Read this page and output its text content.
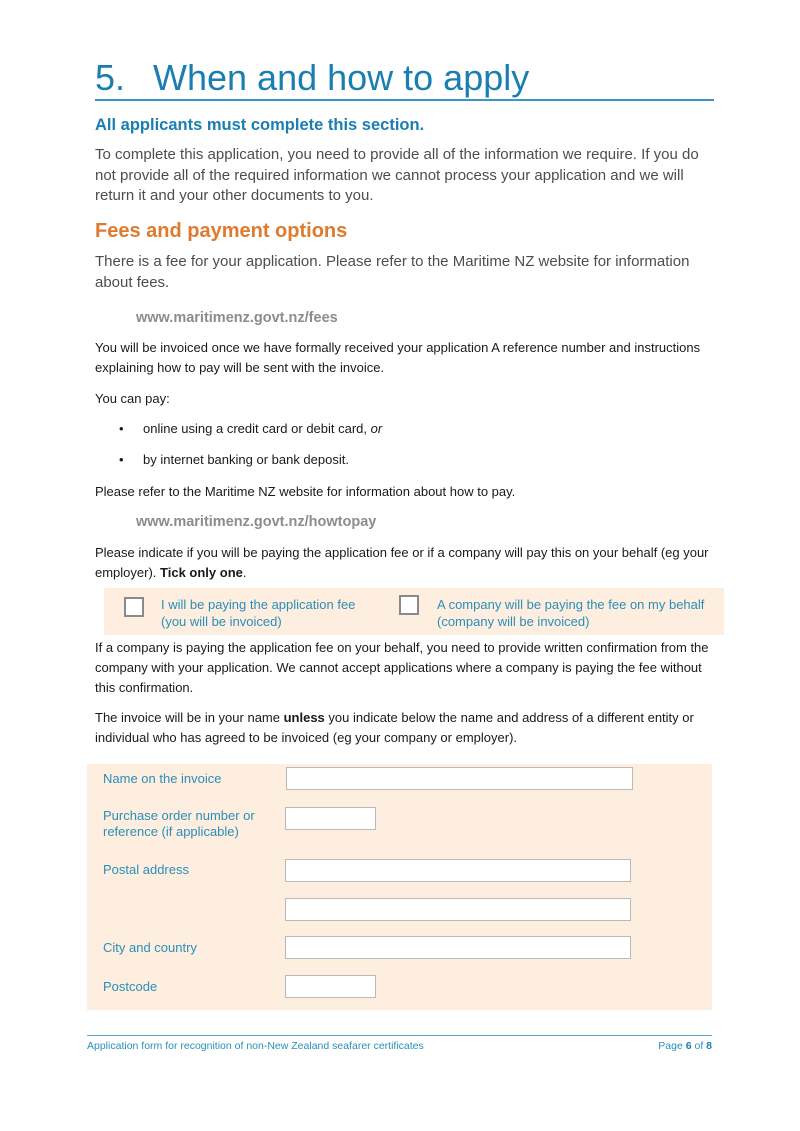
5. When and how to apply

All applicants must complete this section.

To complete this application, you need to provide all of the information we require. If you do not provide all of the required information we cannot process your application and we will return it and your other documents to you.

Fees and payment options

There is a fee for your application. Please refer to the Maritime NZ website for information about fees.

www.maritimenz.govt.nz/fees

You will be invoiced once we have formally received your application A reference number and instructions explaining how to pay will be sent with the invoice.

You can pay:

• online using a credit card or debit card, or
• by internet banking or bank deposit.

Please refer to the Maritime NZ website for information about how to pay.

www.maritimenz.govt.nz/howtopay

Please indicate if you will be paying the application fee or if a company will pay this on your behalf (eg your employer). Tick only one.

I will be paying the application fee
(you will be invoiced)
A company will be paying the fee on my behalf
(company will be invoiced)

If a company is paying the application fee on your behalf, you need to provide written confirmation from the company with your application. We cannot accept applications where a company is paying the fee without this confirmation.

The invoice will be in your name unless you indicate below the name and address of a different entity or individual who has agreed to be invoiced (eg your company or employer).

Name on the invoice
Purchase order number or reference (if applicable)
Postal address
City and country
Postcode
Application form for recognition of non-New Zealand seafarer certificates	Page 6 of 8
